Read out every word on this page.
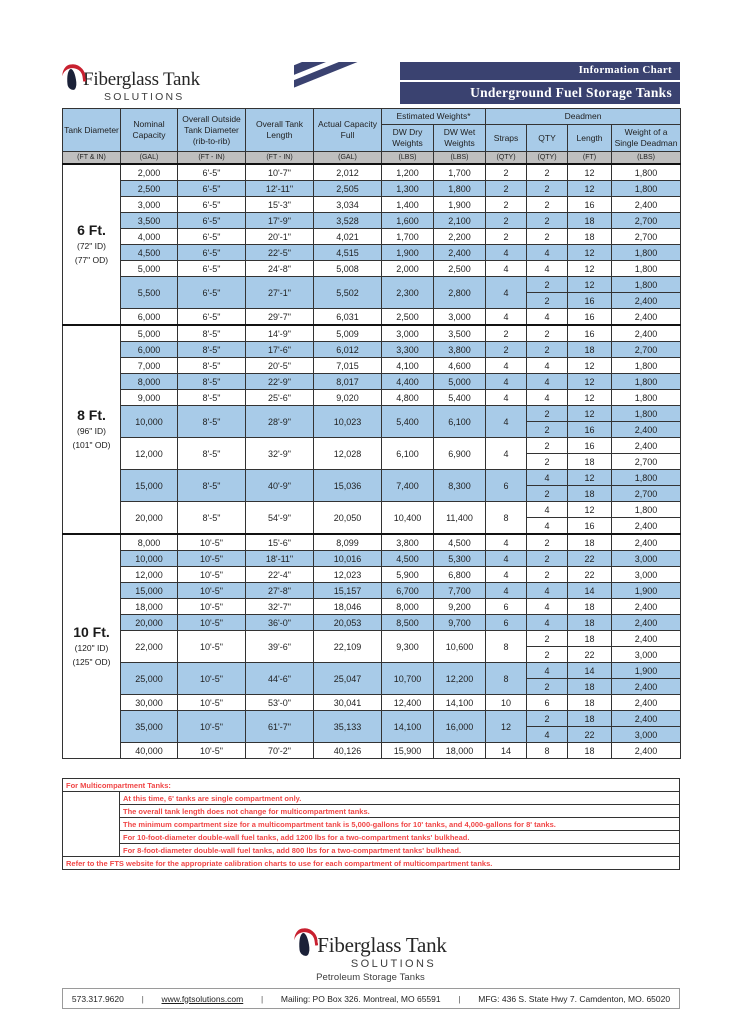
Fiberglass Tank
SOLUTIONS
Information Chart
Underground Fuel Storage Tanks
Tank Diameter	Nominal Capacity	Overall Outside Tank Diameter (rib-to-rib)	Overall Tank Length	Actual Capacity Full	Estimated Weights*		Deadmen			
					DW Dry Weights	DW Wet Weights	Straps	QTY	Length	Weight of a Single Deadman
(FT & IN)	(GAL)	(FT - IN)	(FT - IN)	(GAL)	(LBS)	(LBS)	(QTY)	(QTY)	(FT)	(LBS)

6 Ft.
(72" ID)
(77" OD)	2,000	6'-5"	10'-7"	2,012	1,200	1,700	2	2	12	1,800
	2,500	6'-5"	12'-11"	2,505	1,300	1,800	2	2	12	1,800
	3,000	6'-5"	15'-3"	3,034	1,400	1,900	2	2	16	2,400
	3,500	6'-5"	17'-9"	3,528	1,600	2,100	2	2	18	2,700
	4,000	6'-5"	20'-1"	4,021	1,700	2,200	2	2	18	2,700
	4,500	6'-5"	22'-5"	4,515	1,900	2,400	4	4	12	1,800
	5,000	6'-5"	24'-8"	5,008	2,000	2,500	4	4	12	1,800
	5,500	6'-5"	27'-1"	5,502	2,300	2,800	4	2	12	1,800
								2	16	2,400
	6,000	6'-5"	29'-7"	6,031	2,500	3,000	4	4	16	2,400

8 Ft.
(96" ID)
(101" OD)	5,000	8'-5"	14'-9"	5,009	3,000	3,500	2	2	16	2,400
	6,000	8'-5"	17'-6"	6,012	3,300	3,800	2	2	18	2,700
	7,000	8'-5"	20'-5"	7,015	4,100	4,600	4	4	12	1,800
	8,000	8'-5"	22'-9"	8,017	4,400	5,000	4	4	12	1,800
	9,000	8'-5"	25'-6"	9,020	4,800	5,400	4	4	12	1,800
	10,000	8'-5"	28'-9"	10,023	5,400	6,100	4	2	12	1,800
								2	16	2,400
	12,000	8'-5"	32'-9"	12,028	6,100	6,900	4	2	16	2,400
								2	18	2,700
	15,000	8'-5"	40'-9"	15,036	7,400	8,300	6	4	12	1,800
								2	18	2,700
	20,000	8'-5"	54'-9"	20,050	10,400	11,400	8	4	12	1,800
								4	16	2,400

10 Ft.
(120" ID)
(125" OD)	8,000	10'-5"	15'-6"	8,099	3,800	4,500	4	2	18	2,400
	10,000	10'-5"	18'-11"	10,016	4,500	5,300	4	2	22	3,000
	12,000	10'-5"	22'-4"	12,023	5,900	6,800	4	2	22	3,000
	15,000	10'-5"	27'-8"	15,157	6,700	7,700	4	4	14	1,900
	18,000	10'-5"	32'-7"	18,046	8,000	9,200	6	4	18	2,400
	20,000	10'-5"	36'-0"	20,053	8,500	9,700	6	4	18	2,400
	22,000	10'-5"	39'-6"	22,109	9,300	10,600	8	2	18	2,400
								2	22	3,000
	25,000	10'-5"	44'-6"	25,047	10,700	12,200	8	4	14	1,900
								2	18	2,400
	30,000	10'-5"	53'-0"	30,041	12,400	14,100	10	6	18	2,400
	35,000	10'-5"	61'-7"	35,133	14,100	16,000	12	2	18	2,400
								4	22	3,000
	40,000	10'-5"	70'-2"	40,126	15,900	18,000	14	8	18	2,400
For Multicompartment Tanks:	
	At this time, 6' tanks are single compartment only.
	The overall tank length does not change for multicompartment tanks.
	The minimum compartment size for a multicompartment tank is 5,000-gallons for 10' tanks, and 4,000-gallons for 8' tanks.
	For 10-foot-diameter double-wall fuel tanks, add 1200 lbs for a two-compartment tanks' bulkhead.
	For 8-foot-diameter double-wall fuel tanks, add 800 lbs for a two-compartment tanks' bulkhead.
Refer to the FTS website for the appropriate calibration charts to use for each compartment of multicompartment tanks.	
Fiberglass Tank
SOLUTIONS
Petroleum Storage Tanks
573.317.9620 | www.fgtsolutions.com | Mailing: PO Box 326. Montreal, MO 65591 | MFG: 436 S. State Hwy 7. Camdenton, MO. 65020
